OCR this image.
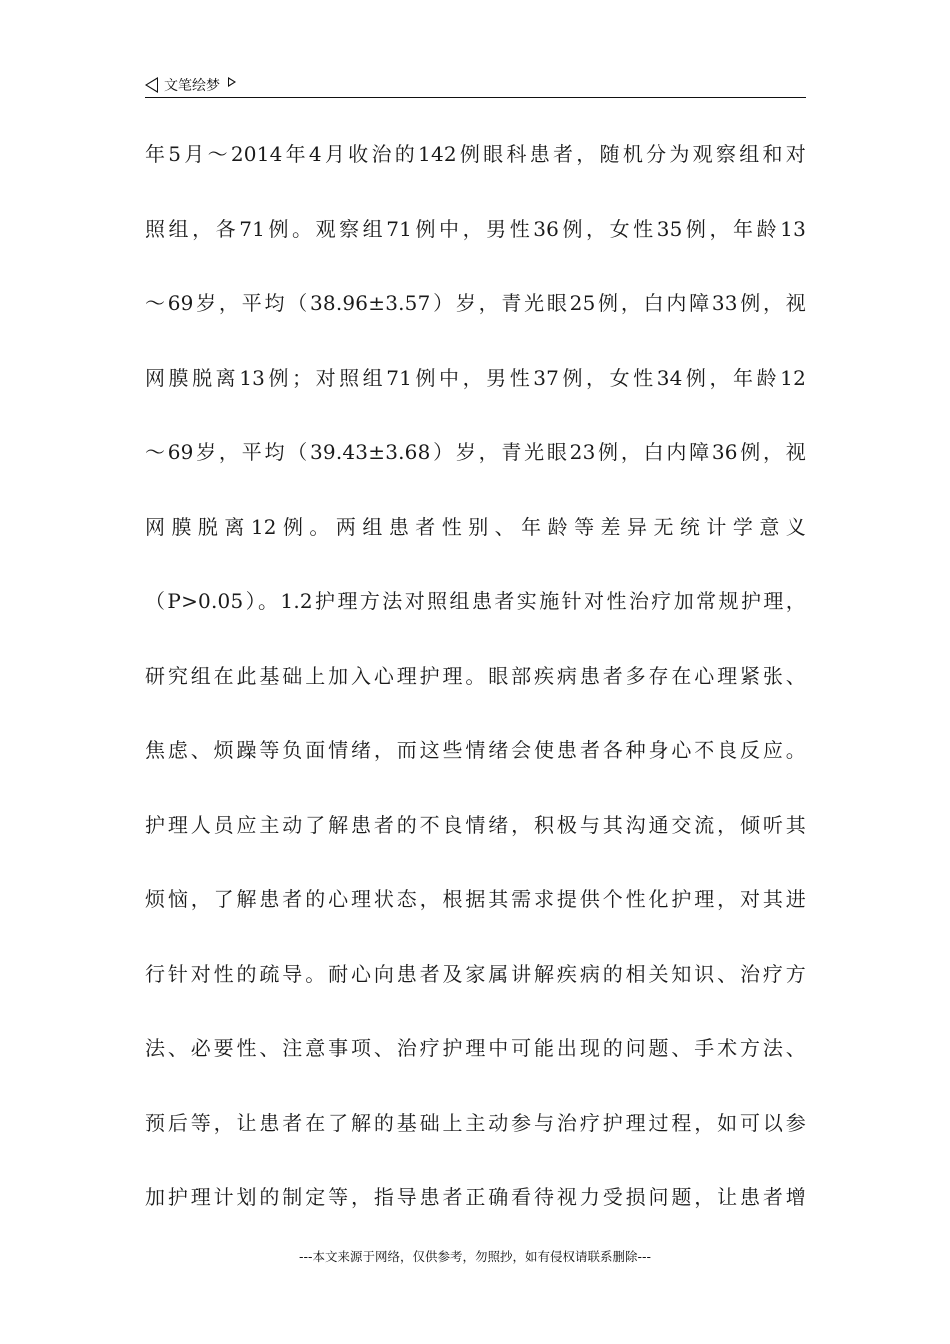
文笔绘梦
年5月～2014年4月收治的142例眼科患者，随机分为观察组和对
照组，各71例。观察组71例中，男性36例，女性35例，年龄13
～69岁，平均（38.96±3.57）岁，青光眼25例，白内障33例，视
网膜脱离13例；对照组71例中，男性37例，女性34例，年龄12
～69岁，平均（39.43±3.68）岁，青光眼23例，白内障36例，视
网膜脱离12例。两组患者性别、年龄等差异无统计学意义
（P>0.05）。1.2护理方法对照组患者实施针对性治疗加常规护理，
研究组在此基础上加入心理护理。眼部疾病患者多存在心理紧张、
焦虑、烦躁等负面情绪，而这些情绪会使患者各种身心不良反应。
护理人员应主动了解患者的不良情绪，积极与其沟通交流，倾听其
烦恼，了解患者的心理状态，根据其需求提供个性化护理，对其进
行针对性的疏导。耐心向患者及家属讲解疾病的相关知识、治疗方
法、必要性、注意事项、治疗护理中可能出现的问题、手术方法、
预后等，让患者在了解的基础上主动参与治疗护理过程，如可以参
加护理计划的制定等，指导患者正确看待视力受损问题，让患者增
---本文来源于网络，仅供参考，勿照抄，如有侵权请联系删除---
